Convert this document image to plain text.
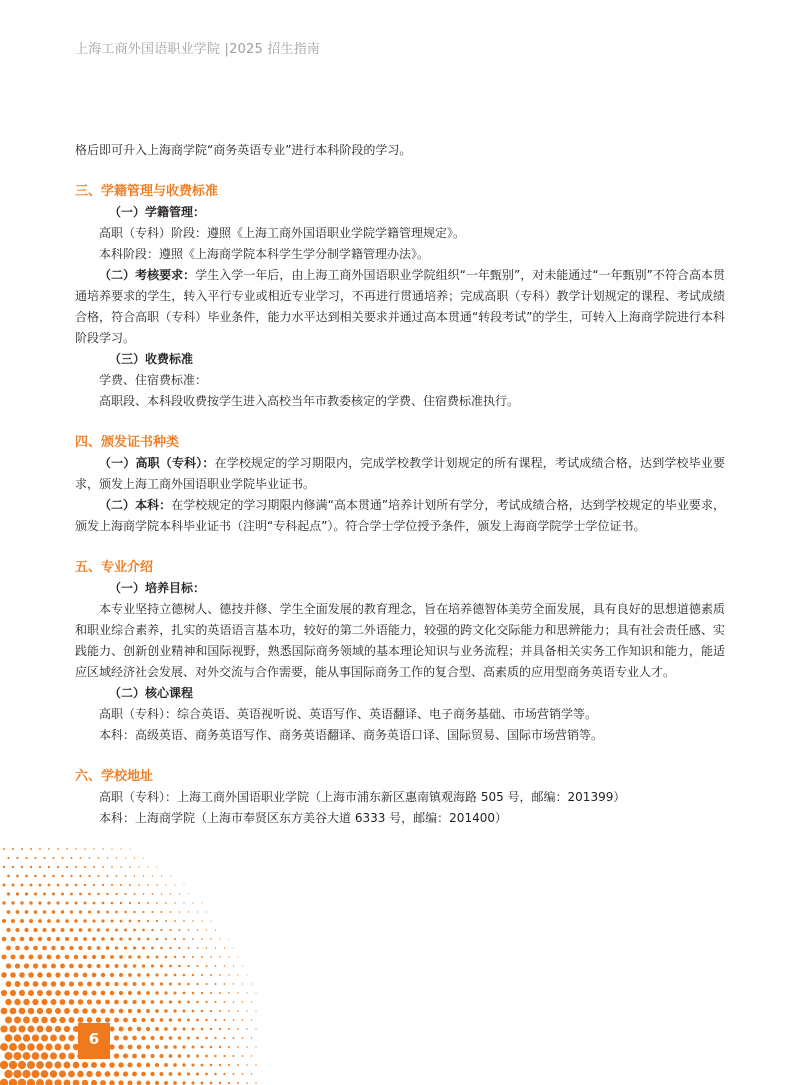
上海工商外国语职业学院 |2025 招生指南

格后即可升入上海商学院“商务英语专业”进行本科阶段的学习。

三、学籍管理与收费标准

（一）学籍管理：

高职（专科）阶段：遵照《上海工商外国语职业学院学籍管理规定》。

本科阶段：遵照《上海商学院本科学生学分制学籍管理办法》。

（二）考核要求：学生入学一年后，由上海工商外国语职业学院组织“一年甄别”，对未能通过“一年甄别”不符合高本贯通培养要求的学生，转入平行专业或相近专业学习，不再进行贯通培养；完成高职（专科）教学计划规定的课程、考试成绩合格，符合高职（专科）毕业条件，能力水平达到相关要求并通过高本贯通“转段考试”的学生，可转入上海商学院进行本科阶段学习。

（三）收费标准

学费、住宿费标准：

高职段、本科段收费按学生进入高校当年市教委核定的学费、住宿费标准执行。

四、颁发证书种类

（一）高职（专科）：在学校规定的学习期限内，完成学校教学计划规定的所有课程，考试成绩合格，达到学校毕业要求，颁发上海工商外国语职业学院毕业证书。

（二）本科：在学校规定的学习期限内修满“高本贯通”培养计划所有学分，考试成绩合格，达到学校规定的毕业要求，颁发上海商学院本科毕业证书（注明“专科起点”）。符合学士学位授予条件，颁发上海商学院学士学位证书。

五、专业介绍

（一）培养目标：

本专业坚持立德树人、德技并修、学生全面发展的教育理念，旨在培养德智体美劳全面发展，具有良好的思想道德素质和职业综合素养，扎实的英语语言基本功，较好的第二外语能力，较强的跨文化交际能力和思辨能力；具有社会责任感、实践能力、创新创业精神和国际视野，熟悉国际商务领域的基本理论知识与业务流程；并具备相关实务工作知识和能力，能适应区域经济社会发展、对外交流与合作需要，能从事国际商务工作的复合型、高素质的应用型商务英语专业人才。

（二）核心课程

高职（专科）：综合英语、英语视听说、英语写作、英语翻译、电子商务基础、市场营销学等。

本科：高级英语、商务英语写作、商务英语翻译、商务英语口译、国际贸易、国际市场营销等。

六、学校地址

高职（专科）：上海工商外国语职业学院（上海市浦东新区惠南镇观海路 505 号，邮编：201399）

本科：上海商学院（上海市奉贤区东方美谷大道 6333 号，邮编：201400）

6
